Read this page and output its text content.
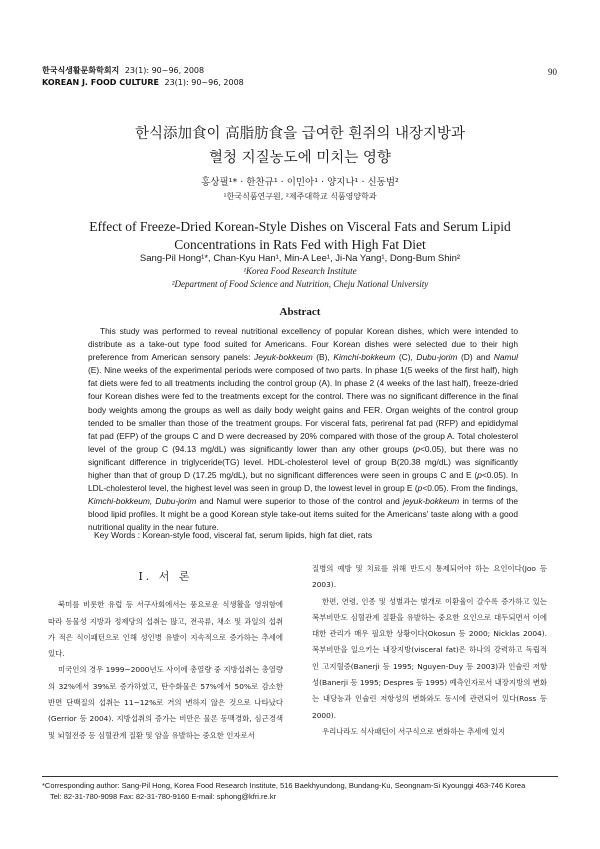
한국식생활문화학회지 23(1): 90~96, 2008
KOREAN J. FOOD CULTURE 23(1): 90~96, 2008
90
한식添加食이 高脂肪食을 급여한 흰쥐의 내장지방과
혈청 지질농도에 미치는 영향
홍상필¹* · 한찬규¹ · 이민아¹ · 양지나¹ · 신동범²
¹한국식품연구원, ²제주대학교 식품영양학과
Effect of Freeze-Dried Korean-Style Dishes on Visceral Fats and Serum Lipid
Concentrations in Rats Fed with High Fat Diet
Sang-Pil Hong¹*, Chan-Kyu Han¹, Min-A Lee¹, Ji-Na Yang¹, Dong-Bum Shin²
¹Korea Food Research Institute
²Department of Food Science and Nutrition, Cheju National University
Abstract

This study was performed to reveal nutritional excellency of popular Korean dishes, which were intended to distribute as a take-out type food suited for Americans. Four Korean dishes were selected due to their high preference from American sensory panels: Jeyuk-bokkeum (B), Kimchi-bokkeum (C), Dubu-jorim (D) and Namul (E). Nine weeks of the experimental periods were composed of two parts. In phase 1(5 weeks of the first half), high fat diets were fed to all treatments including the control group (A). In phase 2 (4 weeks of the last half), freeze-dried four Korean dishes were fed to the treatments except for the control. There was no significant difference in the final body weights among the groups as well as daily body weight gains and FER. Organ weights of the control group tended to be smaller than those of the treatment groups. For visceral fats, perirenal fat pad (RFP) and epididymal fat pad (EFP) of the groups C and D were decreased by 20% compared with those of the group A. Total cholesterol level of the group C (94.13 mg/dL) was significantly lower than any other groups (p<0.05), but there was no significant difference in triglyceride(TG) level. HDL-cholesterol level of group B(20.38 mg/dL) was significantly higher than that of group D (17.25 mg/dL), but no significant differences were seen in groups C and E (p<0.05). In LDL-cholesterol level, the highest level was seen in group D, the lowest level in group E (p<0.05). From the findings, Kimchi-bokkeum, Dubu-jorim and Namul were superior to those of the control and jeyuk-bokkeum in terms of the blood lipid profiles. It might be a good Korean style take-out items suited for the Americans' taste along with a good nutritional quality in the near future.

Key Words : Korean-style food, visceral fat, serum lipids, high fat diet, rats
I. 서 론

북미를 비롯한 유럽 등 서구사회에서는 풍요로운 식생활을 영위함에 따라 동물성 지방과 정제당의 섭취는 많고, 전곡류, 채소 및 과일의 섭취가 적은 식이패턴으로 인해 성인병 유발이 지속적으로 증가하는 추세에 있다.

미국인의 경우 1999~2000년도 사이에 총열량 중 지방섭취는 총열량의 32%에서 39%로 증가하였고, 탄수화물은 57%에서 50%로 감소한 반면 단백질의 섭취는 11~12%로 거의 변하지 않은 것으로 나타났다(Gerrior 등 2004). 지방섭취의 증가는 비만은 물론 동맥경화, 심근경색 및 뇌혈전증 등 심혈관계 질환 및 암을 유발하는 중요한 인자로서

질병의 예방 및 치료를 위해 반드시 통제되어야 하는 요인이다(Joo 등 2003).

한편, 연령, 인종 및 성별과는 별개로 이환율이 갈수록 증가하고 있는 복부비만도 심혈관계 질환을 유발하는 중요한 요인으로 대두되면서 이에 대한 관리가 매우 필요한 상황이다(Okosun 등 2000; Nicklas 2004). 복부비만을 일으키는 내장지방(visceral fat)은 하나의 강력하고 독립적인 고지혈증(Banerji 등 1995; Nguyen-Duy 등 2003)과 인슐린 저항성(Banerji 등 1995; Despres 등 1995) 예측인자로서 내장지방의 변화는 내당능과 인슐린 저항성의 변화와도 동시에 관련되어 있다(Ross 등 2000).

우리나라도 식사패턴이 서구식으로 변화하는 추세에 있지

*Corresponding author: Sang-Pil Hong, Korea Food Research Institute, 516 Baekhyundong, Bundang-Ku, Seongnam-Si Kyounggi 463-746 Korea
Tel: 82-31-780-9098 Fax: 82-31-780-9160 E-mail: sphong@kfri.re.kr
